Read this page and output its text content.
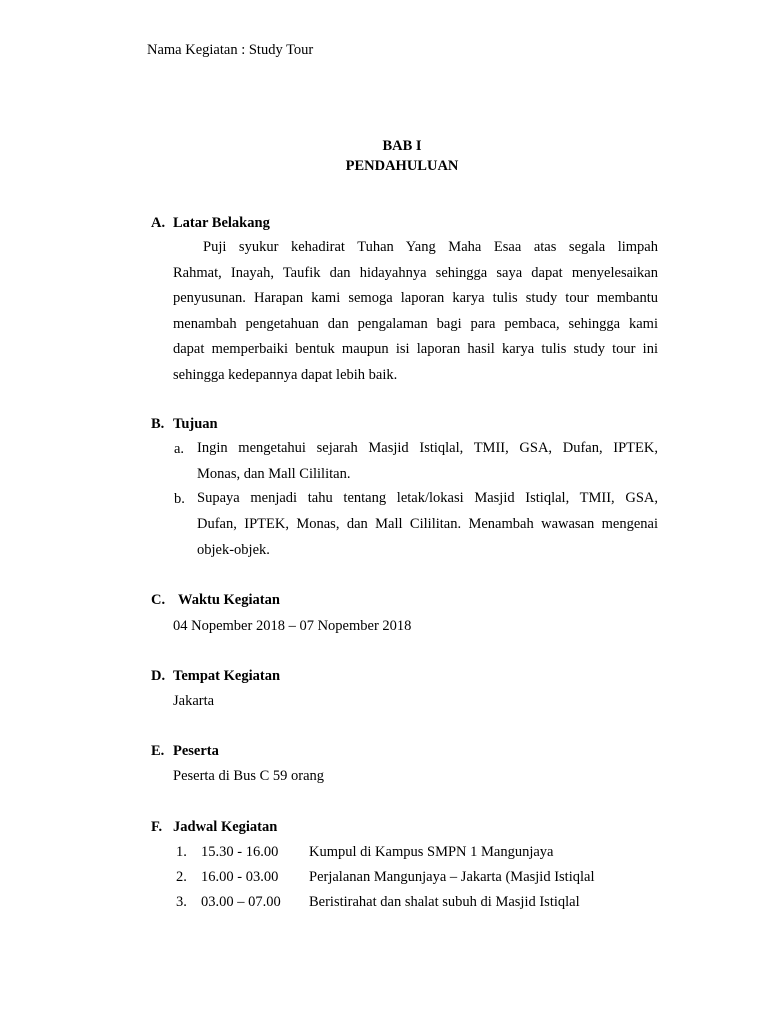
Nama Kegiatan : Study Tour
BAB I
PENDAHULUAN
A. Latar Belakang
Puji syukur kehadirat Tuhan Yang Maha Esaa atas segala limpah
Rahmat, Inayah, Taufik dan hidayahnya sehingga saya dapat menyelesaikan
penyusunan. Harapan kami semoga laporan karya tulis study tour membantu
menambah pengetahuan dan pengalaman bagi para pembaca, sehingga kami
dapat memperbaiki bentuk maupun isi laporan hasil karya tulis study tour ini
sehingga kedepannya dapat lebih baik.
B. Tujuan
a. Ingin mengetahui sejarah Masjid Istiqlal, TMII, GSA, Dufan, IPTEK,
Monas, dan Mall Cililitan.
b. Supaya menjadi tahu tentang letak/lokasi Masjid Istiqlal, TMII, GSA,
Dufan, IPTEK, Monas, dan Mall Cililitan. Menambah wawasan mengenai
objek-objek.
C. Waktu Kegiatan
04 Nopember 2018 – 07 Nopember 2018
D. Tempat Kegiatan
Jakarta
E. Peserta
Peserta di Bus C 59 orang
F. Jadwal Kegiatan
1. 15.30 - 16.00 Kumpul di Kampus SMPN 1 Mangunjaya
2. 16.00 - 03.00 Perjalanan Mangunjaya – Jakarta (Masjid Istiqlal
3. 03.00 – 07.00 Beristirahat dan shalat subuh di Masjid Istiqlal
